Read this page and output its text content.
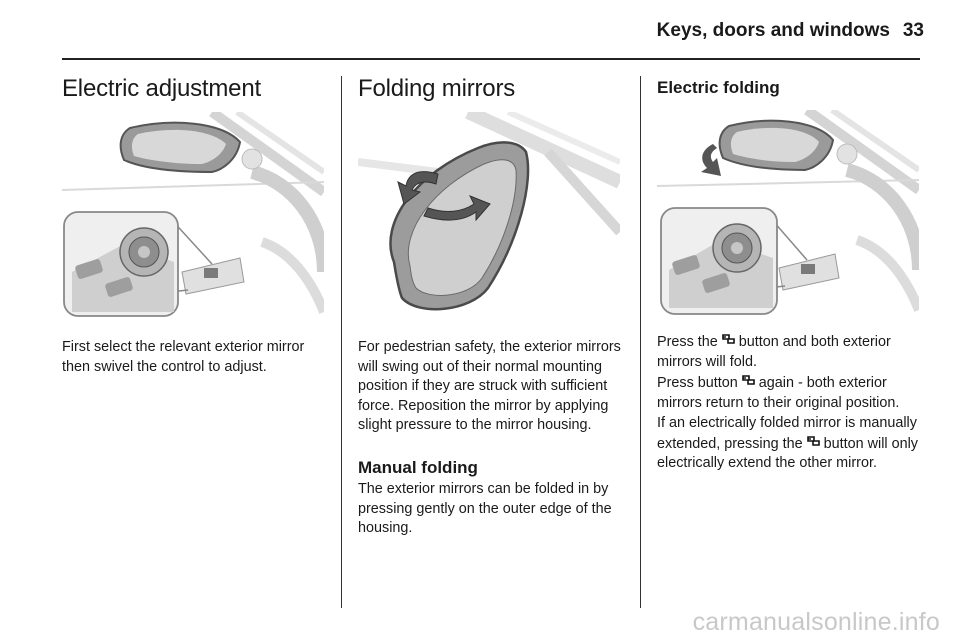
Keys, doors and windows 33
Electric adjustment

First select the relevant exterior mirror then swivel the control to adjust.

Folding mirrors

For pedestrian safety, the exterior mirrors will swing out of their normal mounting position if they are struck with sufficient force. Reposition the mirror by applying slight pressure to the mirror housing.

Manual folding

The exterior mirrors can be folded in by pressing gently on the outer edge of the housing.

Electric folding

Press the button and both exterior mirrors will fold.

Press button again - both exterior mirrors return to their original position.

If an electrically folded mirror is manually extended, pressing the button will only electrically extend the other mirror.

carmanualsonline.info
